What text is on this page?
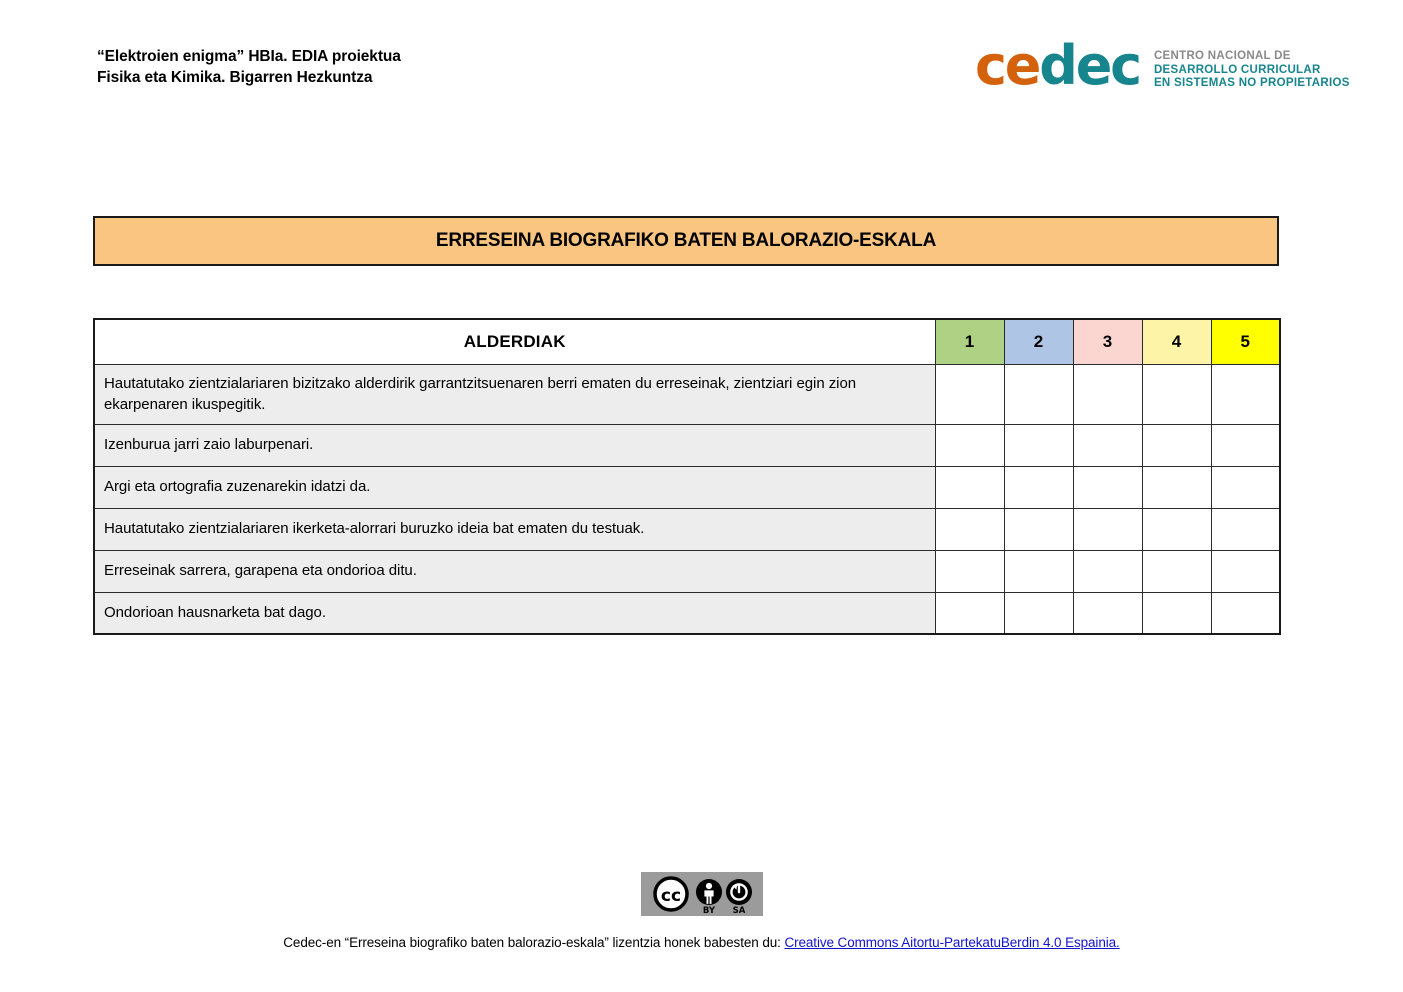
“Elektroien enigma” HBIa. EDIA proiektua
Fisika eta Kimika. Bigarren Hezkuntza	cedec CENTRO NACIONAL DE
DESARROLLO CURRICULAR
EN SISTEMAS NO PROPIETARIOS
ERRESEINA BIOGRAFIKO BATEN BALORAZIO-ESKALA
ALDERDIAK	1	2	3	4	5
Hautatutako zientzialariaren bizitzako alderdirik garrantzitsuenaren berri ematen du erreseinak, zientziari egin zion ekarpenaren ikuspegitik.					
Izenburua jarri zaio laburpenari.					
Argi eta ortografia zuzenarekin idatzi da.					
Hautatutako zientzialariaren ikerketa-alorrari buruzko ideia bat ematen du testuak.					
Erreseinak sarrera, garapena eta ondorioa ditu.					
Ondorioan hausnarketa bat dago.					
cc
BY SA
Cedec-en “Erreseina biografiko baten balorazio-eskala” lizentzia honek babesten du: Creative Commons Aitortu-PartekatuBerdin 4.0 Espainia.
